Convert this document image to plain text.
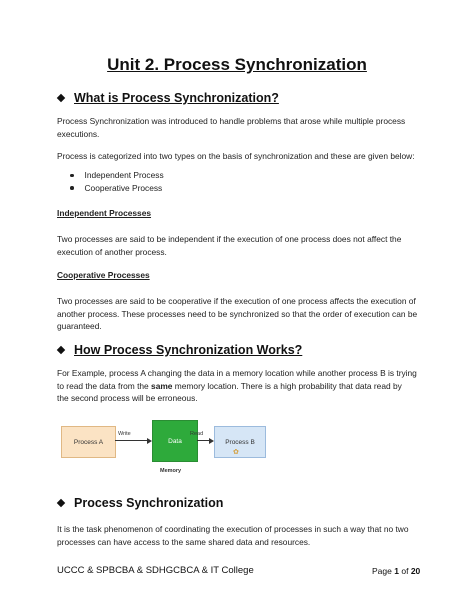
Unit 2. Process Synchronization
What is Process Synchronization?
Process Synchronization was introduced to handle problems that arose while multiple process
executions.
Process is categorized into two types on the basis of synchronization and these are given below:
Independent Process
Cooperative Process
Independent Processes
Two processes are said to be independent if the execution of one process does not affect the
execution of another process.
Cooperative Processes
Two processes are said to be cooperative if the execution of one process affects the execution of
another process. These processes need to be synchronized so that the order of execution can be
guaranteed.
How Process Synchronization Works?
For Example, process A changing the data in a memory location while another process B is trying
to read the data from the same memory location. There is a high probability that data read by
the second process will be erroneous.
Process A	Data	Process B
Write	Read
✿
Memory
Process Synchronization
It is the task phenomenon of coordinating the execution of processes in such a way that no two
processes can have access to the same shared data and resources.
UCCC & SPBCBA & SDHGCBCA & IT College	Page 1 of 20
